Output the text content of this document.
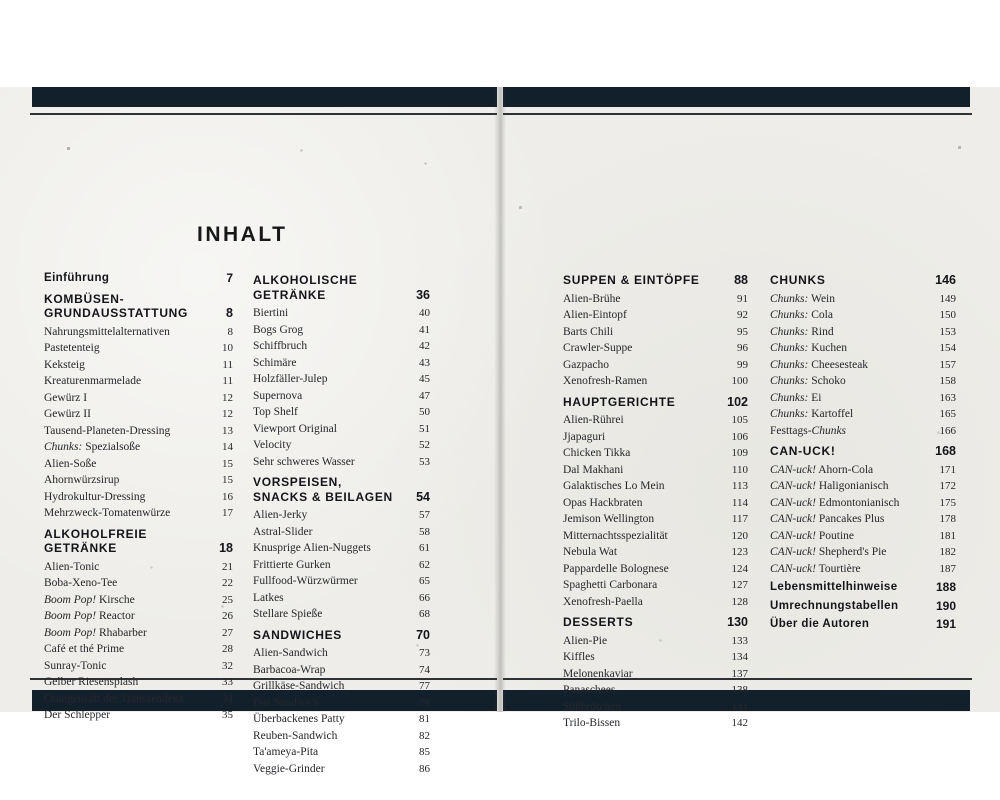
INHALT
Einführung	7
KOMBÜSEN-
GRUNDAUSSTATTUNG	8
Nahrungsmittelalternativen	8
Pastetenteig	10
Keksteig	11
Kreaturenmarmelade	11
Gewürz I	12
Gewürz II	12
Tausend-Planeten-Dressing	13
Chunks: Spezialsoße	14
Alien-Soße	15
Ahornwürzsirup	15
Hydrokultur-Dressing	16
Mehrzweck-Tomatenwürze	17
ALKOHOLFREIE GETRÄNKE	18
Alien-Tonic	21
Boba-Xeno-Tee	22
Boom Pop! Kirsche	25
Boom Pop! Reactor	26
Boom Pop! Rhabarber	27
Café et thé Prime	28
Sunray-Tonic	32
Gelber Riesensplash	33
Orangensaft der Transzendenz	34
Der Schlepper	35
ALKOHOLISCHE GETRÄNKE	36
Biertini	40
Bogs Grog	41
Schiffbruch	42
Schimäre	43
Holzfäller-Julep	45
Supernova	47
Top Shelf	50
Viewport Original	51
Velocity	52
Sehr schweres Wasser	53
VORSPEISEN,
SNACKS & BEILAGEN 54
Alien-Jerky	57
Astral-Slider	58
Knusprige Alien-Nuggets	61
Frittierte Gurken	62
Fullfood-Würzwürmer	65
Latkes	66
Stellare Spieße	68
SANDWICHES	70
Alien-Sandwich	73
Barbacoa-Wrap	74
Grillkäse-Sandwich	77
Das Sandwich	78
Überbackenes Patty	81
Reuben-Sandwich	82
Ta'ameya-Pita	85
Veggie-Grinder	86
SUPPEN & EINTÖPFE	88
Alien-Brühe	91
Alien-Eintopf	92
Barts Chili	95
Crawler-Suppe	96
Gazpacho	99
Xenofresh-Ramen	100
HAUPTGERICHTE	102
Alien-Rührei	105
Jjapaguri	106
Chicken Tikka	109
Dal Makhani	110
Galaktisches Lo Mein	113
Opas Hackbraten	114
Jemison Wellington	117
Mitternachtsspezialität	120
Nebula Wat	123
Pappardelle Bolognese	124
Spaghetti Carbonara	127
Xenofresh-Paella	128
DESSERTS	130
Alien-Pie	133
Kiffles	134
Melonenkaviar	137
Panaschees	138
Süßbrötchen	141
Trilo-Bissen	142
CHUNKS	146
Chunks: Wein	149
Chunks: Cola	150
Chunks: Rind	153
Chunks: Kuchen	154
Chunks: Cheesesteak	157
Chunks: Schoko	158
Chunks: Ei	163
Chunks: Kartoffel	165
Festtags-Chunks	166
CAN-UCK!	168
CAN-uck! Ahorn-Cola	171
CAN-uck! Haligonianisch	172
CAN-uck! Edmontonianisch	175
CAN-uck! Pancakes Plus	178
CAN-uck! Poutine	181
CAN-uck! Shepherd's Pie	182
CAN-uck! Tourtière	187
Lebensmittelhinweise	188
Umrechnungstabellen	190
Über die Autoren	191
